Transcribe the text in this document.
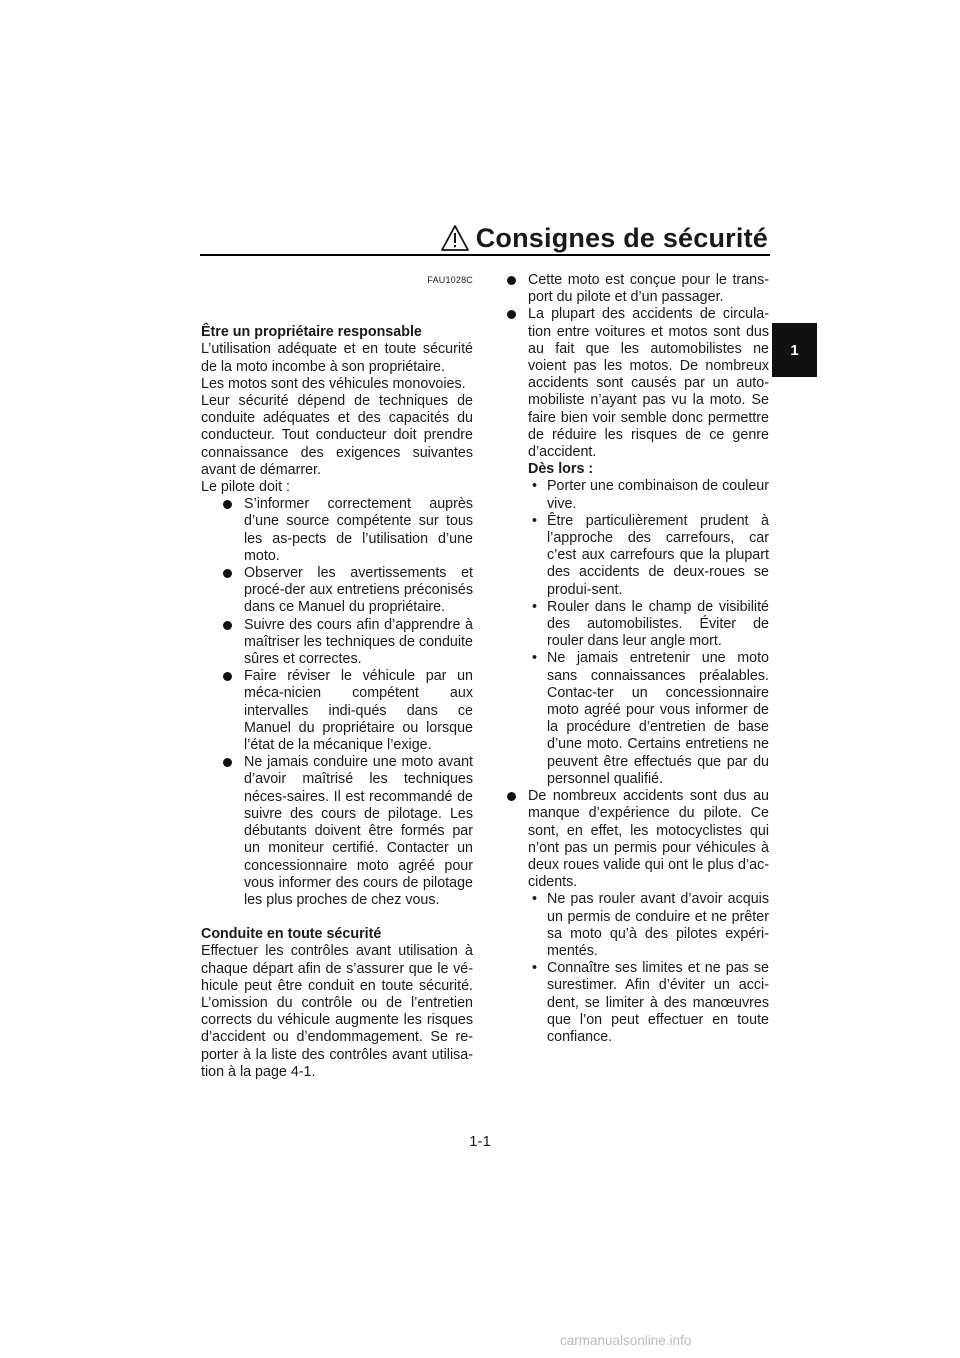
Consignes de sécurité
1
FAU1028C

Être un propriétaire responsable

L’utilisation adéquate et en toute sécurité de la moto incombe à son propriétaire.

Les motos sont des véhicules monovoies.

Leur sécurité dépend de techniques de conduite adéquates et des capacités du conducteur. Tout conducteur doit prendre connaissance des exigences suivantes avant de démarrer.

Le pilote doit :

S’informer correctement auprès d’une source compétente sur tous les as-pects de l’utilisation d’une moto.
Observer les avertissements et procé-der aux entretiens préconisés dans ce Manuel du propriétaire.
Suivre des cours afin d’apprendre à maîtriser les techniques de conduite sûres et correctes.
Faire réviser le véhicule par un méca-nicien compétent aux intervalles indi-qués dans ce Manuel du propriétaire ou lorsque l’état de la mécanique l’exige.
Ne jamais conduire une moto avant d’avoir maîtrisé les techniques néces-saires. Il est recommandé de suivre des cours de pilotage. Les débutants doivent être formés par un moniteur certifié. Contacter un concessionnaire moto agréé pour vous informer des cours de pilotage les plus proches de chez vous.

Conduite en toute sécurité

Effectuer les contrôles avant utilisation à chaque départ afin de s’assurer que le vé-hicule peut être conduit en toute sécurité. L’omission du contrôle ou de l’entretien corrects du véhicule augmente les risques d’accident ou d’endommagement. Se re-porter à la liste des contrôles avant utilisa-tion à la page 4-1.

Cette moto est conçue pour le trans-port du pilote et d’un passager.
La plupart des accidents de circula-tion entre voitures et motos sont dus au fait que les automobilistes ne voient pas les motos. De nombreux accidents sont causés par un auto-mobiliste n’ayant pas vu la moto. Se faire bien voir semble donc permettre de réduire les risques de ce genre d’accident.

Dès lors :

• Porter une combinaison de couleur vive.
• Être particulièrement prudent à l’approche des carrefours, car c’est aux carrefours que la plupart des accidents de deux-roues se produi-sent.
• Rouler dans le champ de visibilité des automobilistes. Éviter de rouler dans leur angle mort.
• Ne jamais entretenir une moto sans connaissances préalables. Contac-ter un concessionnaire moto agréé pour vous informer de la procédure d’entretien de base d’une moto. Certains entretiens ne peuvent être effectués que par du personnel qualifié.
De nombreux accidents sont dus au manque d’expérience du pilote. Ce sont, en effet, les motocyclistes qui n’ont pas un permis pour véhicules à deux roues valide qui ont le plus d’ac-cidents.
• Ne pas rouler avant d’avoir acquis un permis de conduire et ne prêter sa moto qu’à des pilotes expéri-mentés.
• Connaître ses limites et ne pas se surestimer. Afin d’éviter un acci-dent, se limiter à des manœuvres que l’on peut effectuer en toute confiance.
1-1
carmanualsonline.info
